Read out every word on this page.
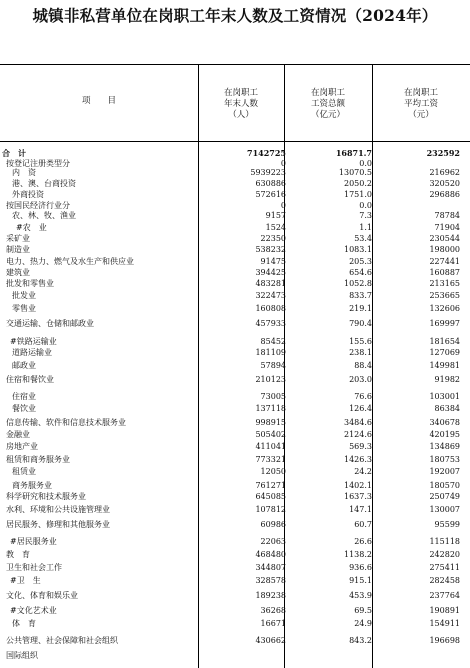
城镇非私营单位在岗职工年末人数及工资情况（2024年）
项　　目
在岗职工
年末人数
（人）
在岗职工
工资总额
（亿元）
在岗职工
平均工资
（元）
合　计	7142725	16871.7	232592
按登记注册类型分	0	0.0
内　资	5939223	13070.5	216962
港、澳、台商投资	630886	2050.2	320520
外商投资	572616	1751.0	296886
按国民经济行业分	0	0.0
农、林、牧、渔业	9157	7.3	78784
#农　业	1524	1.1	71904
采矿业	22350	53.4	230544
制造业	538232	1083.1	198000
电力、热力、燃气及水生产和供应业	91475	205.3	227441
建筑业	394425	654.6	160887
批发和零售业	483281	1052.8	213165
批发业	322473	833.7	253665
零售业	160808	219.1	132606
交通运输、仓储和邮政业	457933	790.4	169997
#铁路运输业	85452	155.6	181654
道路运输业	181109	238.1	127069
邮政业	57894	88.4	149981
住宿和餐饮业	210123	203.0	91982
住宿业	73005	76.6	103001
餐饮业	137118	126.4	86384
信息传输、软件和信息技术服务业	998915	3484.6	340678
金融业	505402	2124.6	420195
房地产业	411041	569.3	134869
租赁和商务服务业	773321	1426.3	180753
租赁业	12050	24.2	192007
商务服务业	761271	1402.1	180570
科学研究和技术服务业	645085	1637.3	250749
水利、环境和公共设施管理业	107812	147.1	130007
居民服务、修理和其他服务业	60986	60.7	95599
#居民服务业	22063	26.6	115118
教　育	468480	1138.2	242820
卫生和社会工作	344807	936.6	275411
#卫　生	328578	915.1	282458
文化、体育和娱乐业	189238	453.9	237764
#文化艺术业	36268	69.5	190891
体　育	16671	24.9	154911
公共管理、社会保障和社会组织	430662	843.2	196698
国际组织
